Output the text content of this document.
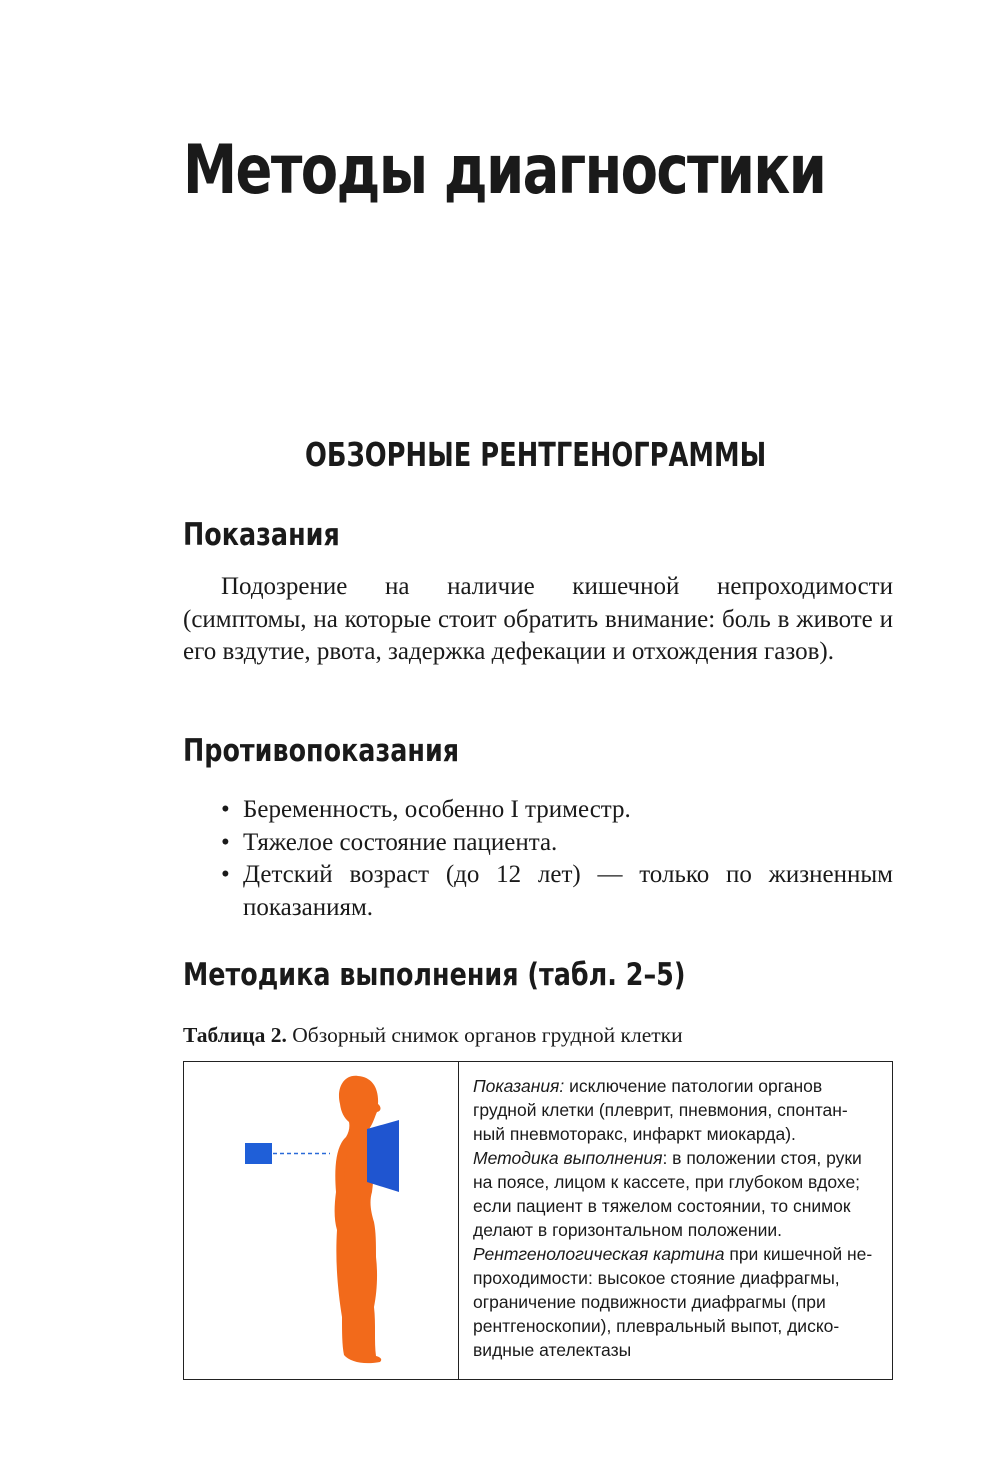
Методы диагностики
ОБЗОРНЫЕ РЕНТГЕНОГРАММЫ
Показания

Подозрение на наличие кишечной непроходимости (симптомы, на которые стоит обратить внимание: боль в животе и его вздутие, рвота, задержка дефекации и отхождения газов).

Противопоказания
• Беременность, особенно I триместр.
• Тяжелое состояние пациента.
• Детский возраст (до 12 лет) — только по жизненным показаниям.
Методика выполнения (табл. 2–5)

Таблица 2. Обзорный снимок органов грудной клетки

Показания: исключение патологии органов
грудной клетки (плеврит, пневмония, спонтан-
ный пневмоторакс, инфаркт миокарда).
Методика выполнения: в положении стоя, руки
на поясе, лицом к кассете, при глубоком вдохе;
если пациент в тяжелом состоянии, то снимок
делают в горизонтальном положении.
Рентгенологическая картина при кишечной не-
проходимости: высокое стояние диафрагмы,
ограничение подвижности диафрагмы (при
рентгеноскопии), плевральный выпот, диско-
видные ателектазы
